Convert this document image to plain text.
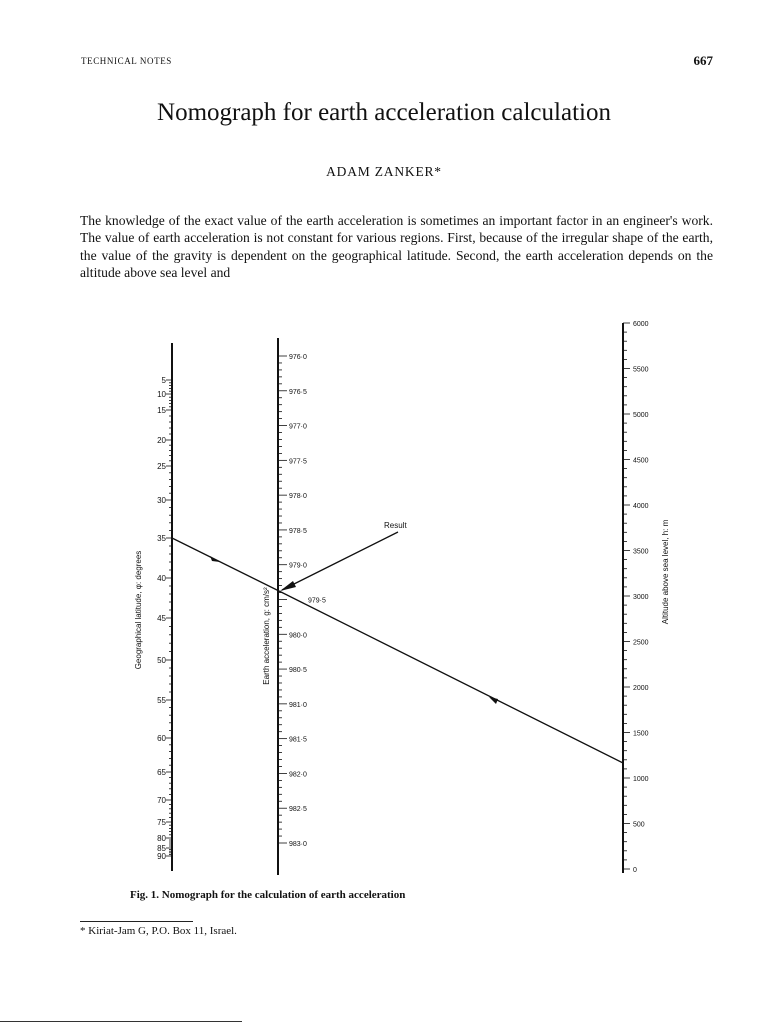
TECHNICAL NOTES	667
Nomograph for earth acceleration calculation
ADAM ZANKER*

The knowledge of the exact value of the earth acceleration is sometimes an important factor in an engineer's work. The value of earth acceleration is not constant for various regions. First, because of the irregular shape of the earth, the value of the gravity is dependent on the geographical latitude. Second, the earth acceleration depends on the altitude above sea level and

5
10
15
20
25
30
35
40
45
50
55
60
65
70
75
80
85
90
976·0
976·5
977·0
977·5
978·0
978·5
979·0
979·5
980·0
980·5
981·0
981·5
982·0
982·5
983·0
0
500
1000
1500
2000
2500
3000
3500
4000
4500
5000
5500
6000
Result
Geographical latitude, φ: degrees	Earth acceleration, g: cm/s²
Altitude above sea level, h: m
Fig. 1. Nomograph for the calculation of earth acceleration
* Kiriat-Jam G, P.O. Box 11, Israel.
